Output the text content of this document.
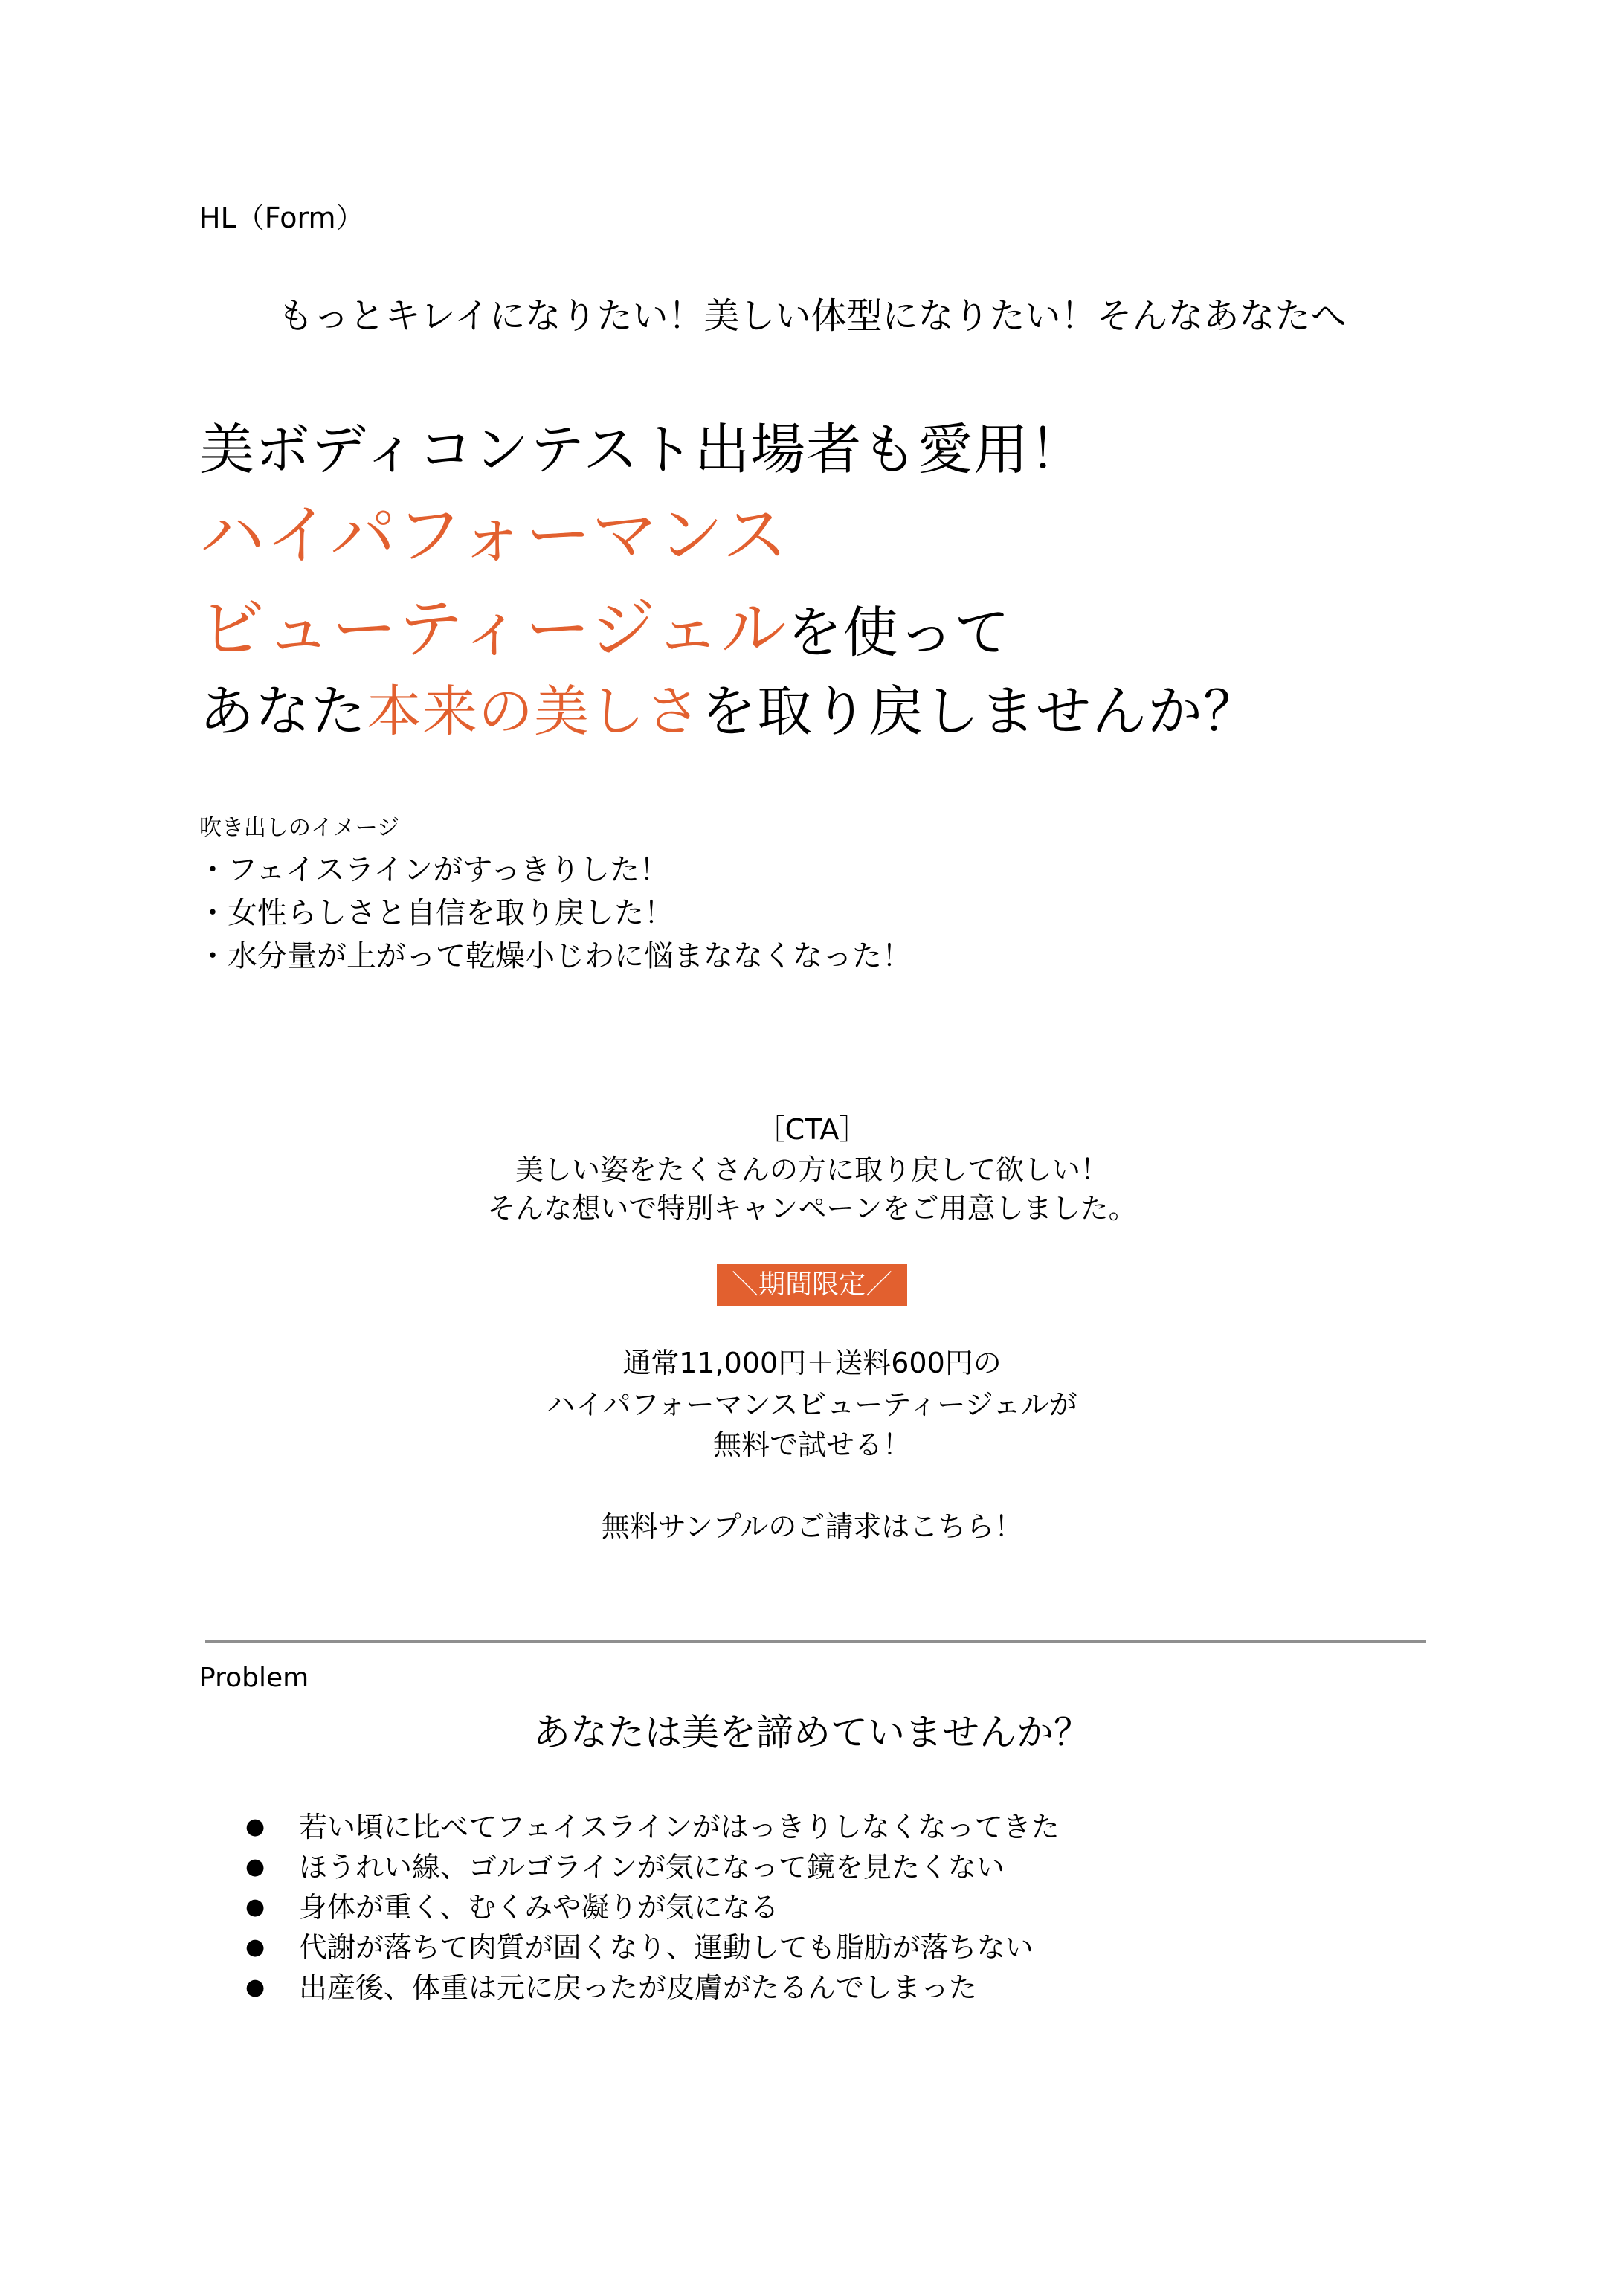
HL（Form）
もっとキレイになりたい！美しい体型になりたい！そんなあなたへ
美ボディコンテスト出場者も愛用！
ハイパフォーマンス
ビューティージェルを使って
あなた本来の美しさを取り戻しませんか？
吹き出しのイメージ
・フェイスラインがすっきりした！
・女性らしさと自信を取り戻した！
・水分量が上がって乾燥小じわに悩まななくなった！
［CTA］
美しい姿をたくさんの方に取り戻して欲しい！
そんな想いで特別キャンペーンをご用意しました。
＼期間限定／
通常11,000円＋送料600円の
ハイパフォーマンスビューティージェルが
無料で試せる！
無料サンプルのご請求はこちら！
Problem
あなたは美を諦めていませんか？
● 若い頃に比べてフェイスラインがはっきりしなくなってきた
● ほうれい線、ゴルゴラインが気になって鏡を見たくない
● 身体が重く、むくみや凝りが気になる
● 代謝が落ちて肉質が固くなり、運動しても脂肪が落ちない
● 出産後、体重は元に戻ったが皮膚がたるんでしまった
